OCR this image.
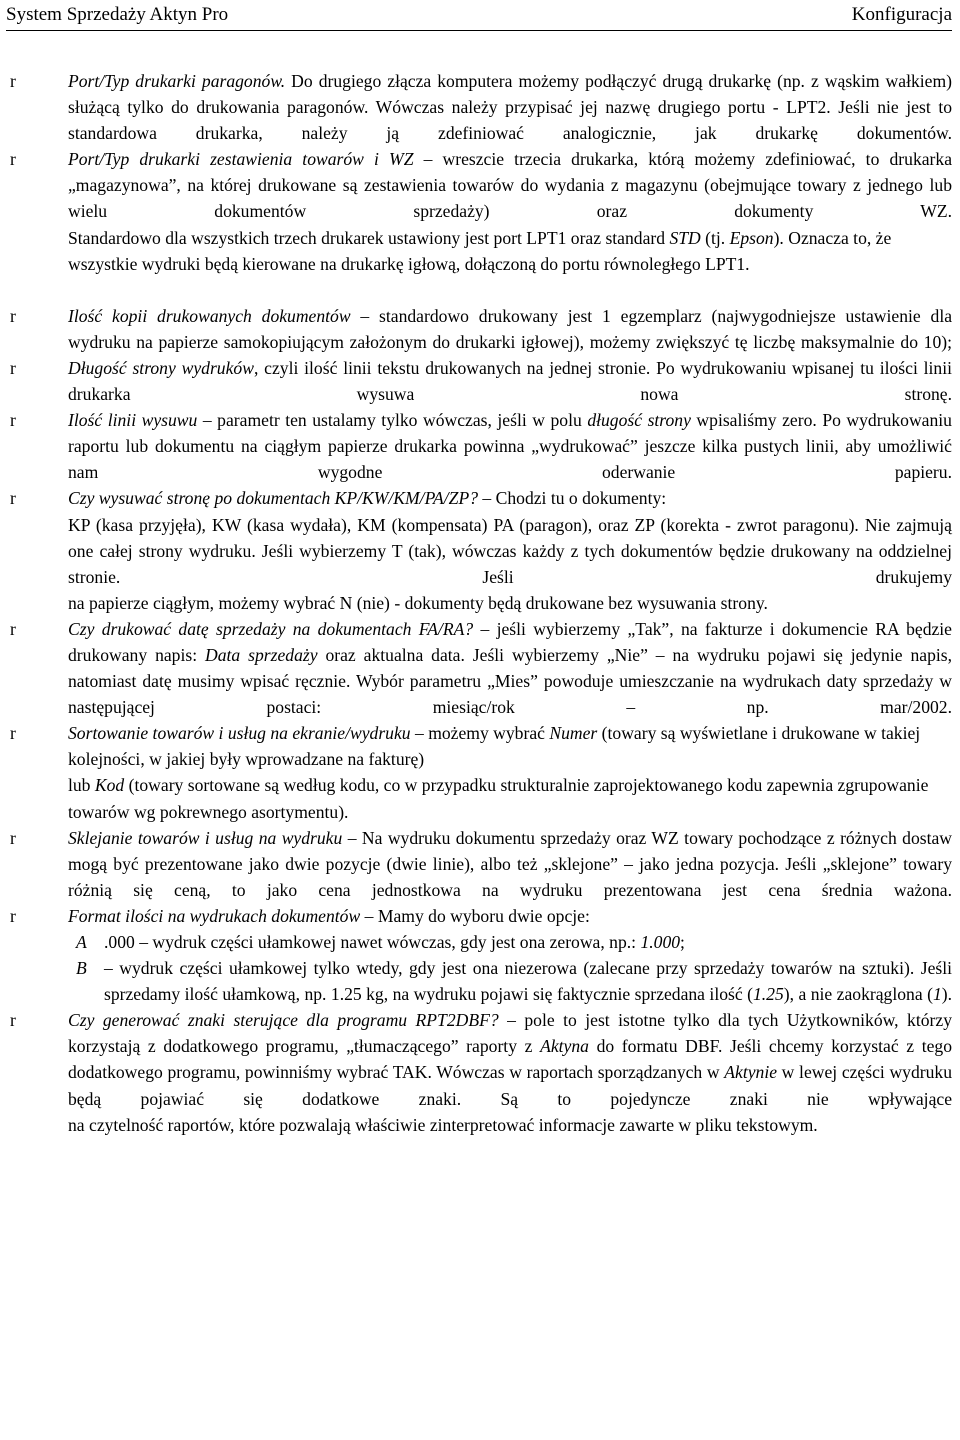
System Sprzedaży Aktyn Pro	Konfiguracja
r	Port/Typ drukarki paragonów. Do drugiego złącza komputera możemy podłączyć drugą drukarkę (np. z wąskim wałkiem) służącą tylko do drukowania paragonów. Wówczas należy przypisać jej nazwę drugiego portu - LPT2. Jeśli nie jest to standardowa drukarka, należy ją zdefiniować analogicznie, jak drukarkę dokumentów.
r	Port/Typ drukarki zestawienia towarów i WZ – wreszcie trzecia drukarka, którą możemy zdefiniować, to drukarka „magazynowa”, na której drukowane są zestawienia towarów do wydania z magazynu (obejmujące towary z jednego lub wielu dokumentów sprzedaży) oraz dokumenty WZ.
Standardowo dla wszystkich trzech drukarek ustawiony jest port LPT1 oraz standard STD (tj. Epson). Oznacza to, że wszystkie wydruki będą kierowane na drukarkę igłową, dołączoną do portu równoległego LPT1.
r	Ilość kopii drukowanych dokumentów – standardowo drukowany jest 1 egzemplarz (najwygodniejsze ustawienie dla wydruku na papierze samokopiującym założonym do drukarki igłowej), możemy zwiększyć tę liczbę maksymalnie do 10);
r	Długość strony wydruków, czyli ilość linii tekstu drukowanych na jednej stronie. Po wydrukowaniu wpisanej tu ilości linii drukarka wysuwa nowa stronę.
r	Ilość linii wysuwu – parametr ten ustalamy tylko wówczas, jeśli w polu długość strony wpisaliśmy zero. Po wydrukowaniu raportu lub dokumentu na ciągłym papierze drukarka powinna „wydrukować” jeszcze kilka pustych linii, aby umożliwić nam wygodne oderwanie papieru.
r	Czy wysuwać stronę po dokumentach KP/KW/KM/PA/ZP? – Chodzi tu o dokumenty:
KP (kasa przyjęła), KW (kasa wydała), KM (kompensata) PA (paragon), oraz ZP (korekta - zwrot paragonu). Nie zajmują one całej strony wydruku. Jeśli wybierzemy T (tak), wówczas każdy z tych dokumentów będzie drukowany na oddzielnej stronie. Jeśli drukujemy
na papierze ciągłym, możemy wybrać N (nie) - dokumenty będą drukowane bez wysuwania strony.
r	Czy drukować datę sprzedaży na dokumentach FA/RA? – jeśli wybierzemy „Tak”, na fakturze i dokumencie RA będzie drukowany napis: Data sprzedaży oraz aktualna data. Jeśli wybierzemy „Nie” – na wydruku pojawi się jedynie napis, natomiast datę musimy wpisać ręcznie. Wybór parametru „Mies” powoduje umieszczanie na wydrukach daty sprzedaży w następującej postaci: miesiąc/rok – np. mar/2002.
r	Sortowanie towarów i usług na ekranie/wydruku – możemy wybrać Numer (towary są wyświetlane i drukowane w takiej kolejności, w jakiej były wprowadzane na fakturę)
lub Kod (towary sortowane są według kodu, co w przypadku strukturalnie zaprojektowanego kodu zapewnia zgrupowanie towarów wg pokrewnego asortymentu).
r	Sklejanie towarów i usług na wydruku – Na wydruku dokumentu sprzedaży oraz WZ towary pochodzące z różnych dostaw mogą być prezentowane jako dwie pozycje (dwie linie), albo też „sklejone” – jako jedna pozycja. Jeśli „sklejone” towary różnią się ceną, to jako cena jednostkowa na wydruku prezentowana jest cena średnia ważona.
r	Format ilości na wydrukach dokumentów – Mamy do wyboru dwie opcje:
A .000 – wydruk części ułamkowej nawet wówczas, gdy jest ona zerowa, np.: 1.000;
B – wydruk części ułamkowej tylko wtedy, gdy jest ona niezerowa (zalecane przy sprzedaży towarów na sztuki). Jeśli sprzedamy ilość ułamkową, np. 1.25 kg, na wydruku pojawi się faktycznie sprzedana ilość (1.25), a nie zaokrąglona (1).
r	Czy generować znaki sterujące dla programu RPT2DBF? – pole to jest istotne tylko dla tych Użytkowników, którzy korzystają z dodatkowego programu, „tłumaczącego” raporty z Aktyna do formatu DBF. Jeśli chcemy korzystać z tego dodatkowego programu, powinniśmy wybrać TAK. Wówczas w raportach sporządzanych w Aktynie w lewej części wydruku będą pojawiać się dodatkowe znaki. Są to pojedyncze znaki nie wpływające
na czytelność raportów, które pozwalają właściwie zinterpretować informacje zawarte w pliku tekstowym.
